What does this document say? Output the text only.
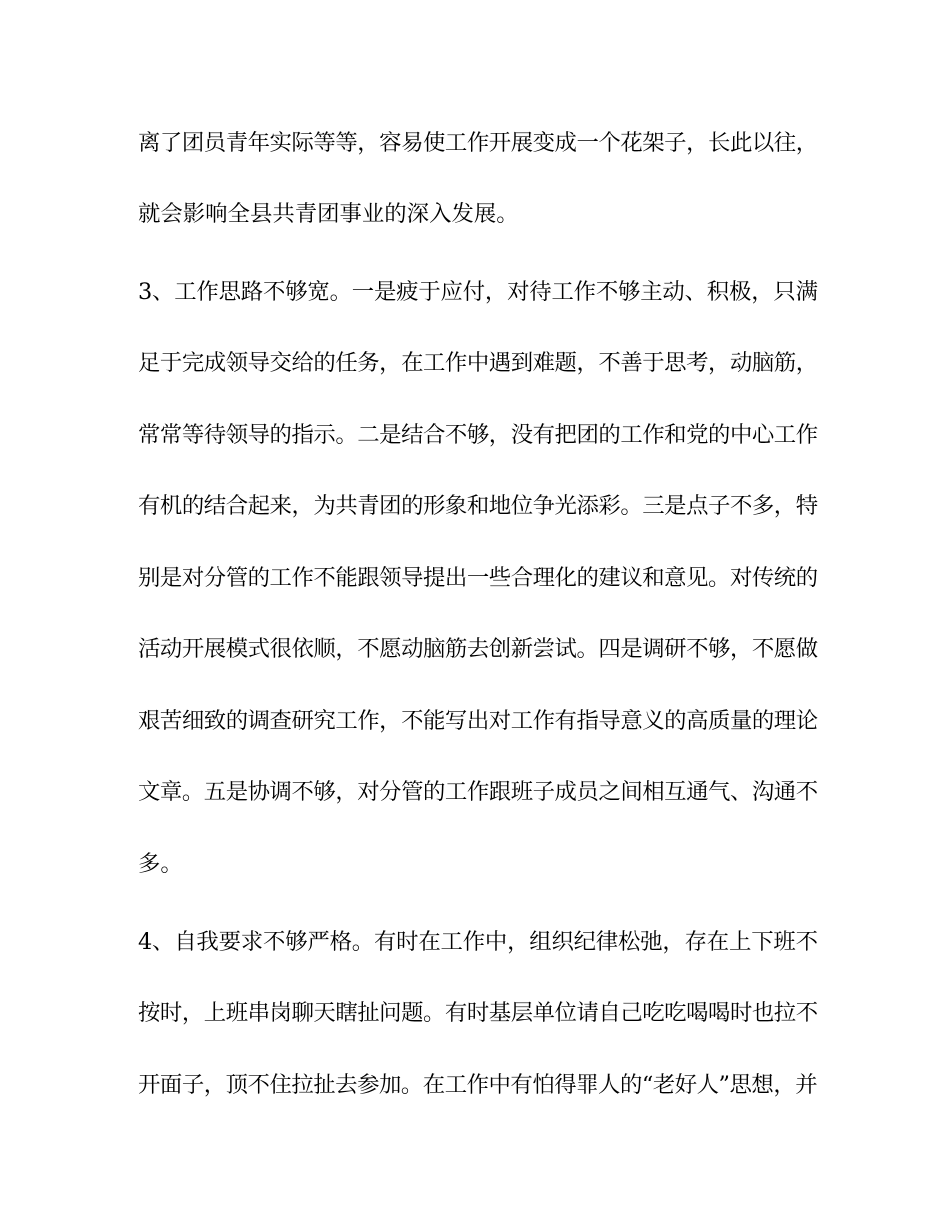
离了团员青年实际等等，容易使工作开展变成一个花架子，长此以往，
就会影响全县共青团事业的深入发展。
3、工作思路不够宽。一是疲于应付，对待工作不够主动、积极，只满
足于完成领导交给的任务，在工作中遇到难题，不善于思考，动脑筋，
常常等待领导的指示。二是结合不够，没有把团的工作和党的中心工作
有机的结合起来，为共青团的形象和地位争光添彩。三是点子不多，特
别是对分管的工作不能跟领导提出一些合理化的建议和意见。对传统的
活动开展模式很依顺，不愿动脑筋去创新尝试。四是调研不够，不愿做
艰苦细致的调查研究工作，不能写出对工作有指导意义的高质量的理论
文章。五是协调不够，对分管的工作跟班子成员之间相互通气、沟通不
多。
4、自我要求不够严格。有时在工作中，组织纪律松弛，存在上下班不
按时，上班串岗聊天瞎扯问题。有时基层单位请自己吃吃喝喝时也拉不
开面子，顶不住拉扯去参加。在工作中有怕得罪人的“老好人”思想，并
